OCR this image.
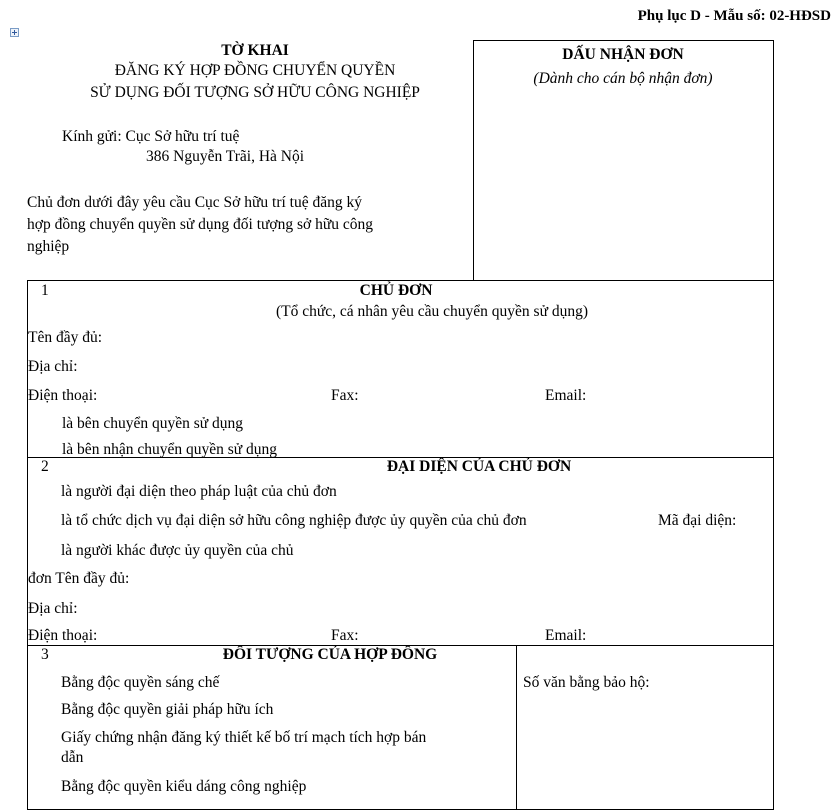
Phụ lục D - Mẫu số: 02-HĐSD
TỜ KHAI
ĐĂNG KÝ HỢP ĐỒNG CHUYỂN QUYỀN
SỬ DỤNG ĐỐI TƯỢNG SỞ HỮU CÔNG NGHIỆP
Kính gửi: Cục Sở hữu trí tuệ
386 Nguyễn Trãi, Hà Nội
Chủ đơn dưới đây yêu cầu Cục Sở hữu trí tuệ đăng ký
hợp đồng chuyển quyền sử dụng đối tượng sở hữu công
nghiệp
DẤU NHẬN ĐƠN
(Dành cho cán bộ nhận đơn)
1	CHỦ ĐƠN
(Tổ chức, cá nhân yêu cầu chuyển quyền sử dụng)
Tên đầy đủ:
Địa chỉ:
Điện thoại:	Fax:	Email:
là bên chuyển quyền sử dụng
là bên nhận chuyển quyền sử dụng
2	ĐẠI DIỆN CỦA CHỦ ĐƠN
là người đại diện theo pháp luật của chủ đơn
là tổ chức dịch vụ đại diện sở hữu công nghiệp được ủy quyền của chủ đơn	Mã đại diện:
là người khác được ủy quyền của chủ
đơn Tên đầy đủ:
Địa chỉ:
Điện thoại:	Fax:	Email:
3	ĐỐI TƯỢNG CỦA HỢP ĐỒNG
Bằng độc quyền sáng chế
Bằng độc quyền giải pháp hữu ích
Giấy chứng nhận đăng ký thiết kế bố trí mạch tích hợp bán
dẫn
Bằng độc quyền kiểu dáng công nghiệp
Số văn bằng bảo hộ:
